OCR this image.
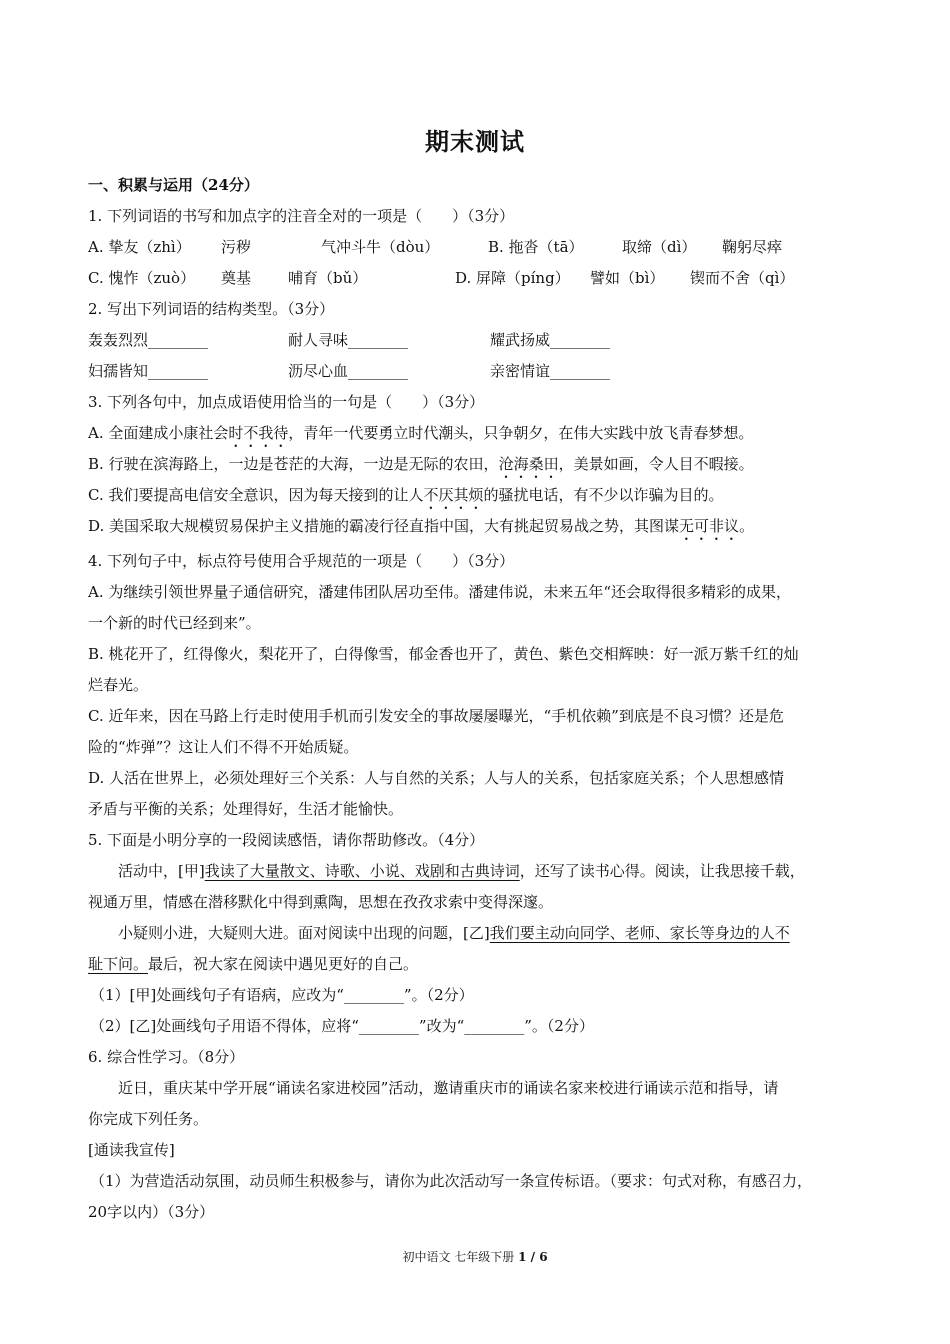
期末测试
一、积累与运用（24分）
1. 下列词语的书写和加点字的注音全对的一项是（　　）（3分）
A. 挚友（zhì）	污秽	气冲斗牛（dòu）	B. 拖沓（tā）	取缔（dì）	鞠躬尽瘁
C. 愧怍（zuò）	奠基	哺育（bǔ）	D. 屏障（píng）	譬如（bì）	锲而不舍（qì）
2. 写出下列词语的结构类型。（3分）
轰轰烈烈________	耐人寻味________	耀武扬威________
妇孺皆知________	沥尽心血________	亲密情谊________
3. 下列各句中，加点成语使用恰当的一句是（　　）（3分）
A. 全面建成小康社会时不我待，青年一代要勇立时代潮头，只争朝夕，在伟大实践中放飞青春梦想。
B. 行驶在滨海路上，一边是苍茫的大海，一边是无际的农田，沧海桑田，美景如画，令人目不暇接。
C. 我们要提高电信安全意识，因为每天接到的让人不厌其烦的骚扰电话，有不少以诈骗为目的。
D. 美国采取大规模贸易保护主义措施的霸凌行径直指中国，大有挑起贸易战之势，其图谋无可非议。
4. 下列句子中，标点符号使用合乎规范的一项是（　　）（3分）
A. 为继续引领世界量子通信研究，潘建伟团队居功至伟。潘建伟说，未来五年“还会取得很多精彩的成果，
一个新的时代已经到来”。
B. 桃花开了，红得像火，梨花开了，白得像雪，郁金香也开了，黄色、紫色交相辉映：好一派万紫千红的灿
烂春光。
C. 近年来，因在马路上行走时使用手机而引发安全的事故屡屡曝光，“手机依赖”到底是不良习惯？还是危
险的“炸弹”？这让人们不得不开始质疑。
D. 人活在世界上，必须处理好三个关系：人与自然的关系；人与人的关系，包括家庭关系；个人思想感情
矛盾与平衡的关系；处理得好，生活才能愉快。
5. 下面是小明分享的一段阅读感悟，请你帮助修改。（4分）
活动中，[甲]我读了大量散文、诗歌、小说、戏剧和古典诗词，还写了读书心得。阅读，让我思接千载，
视通万里，情感在潜移默化中得到熏陶，思想在孜孜求索中变得深邃。
小疑则小进，大疑则大进。面对阅读中出现的问题，[乙]我们要主动向同学、老师、家长等身边的人不
耻下问。最后，祝大家在阅读中遇见更好的自己。
（1）[甲]处画线句子有语病，应改为“________”。（2分）
（2）[乙]处画线句子用语不得体，应将“________”改为“________”。（2分）
6. 综合性学习。（8分）
近日，重庆某中学开展“诵读名家进校园”活动，邀请重庆市的诵读名家来校进行诵读示范和指导，请
你完成下列任务。
[通读我宣传]
（1）为营造活动氛围，动员师生积极参与，请你为此次活动写一条宣传标语。（要求：句式对称，有感召力，
20字以内）（3分）
初中语文 七年级下册 1 / 6
